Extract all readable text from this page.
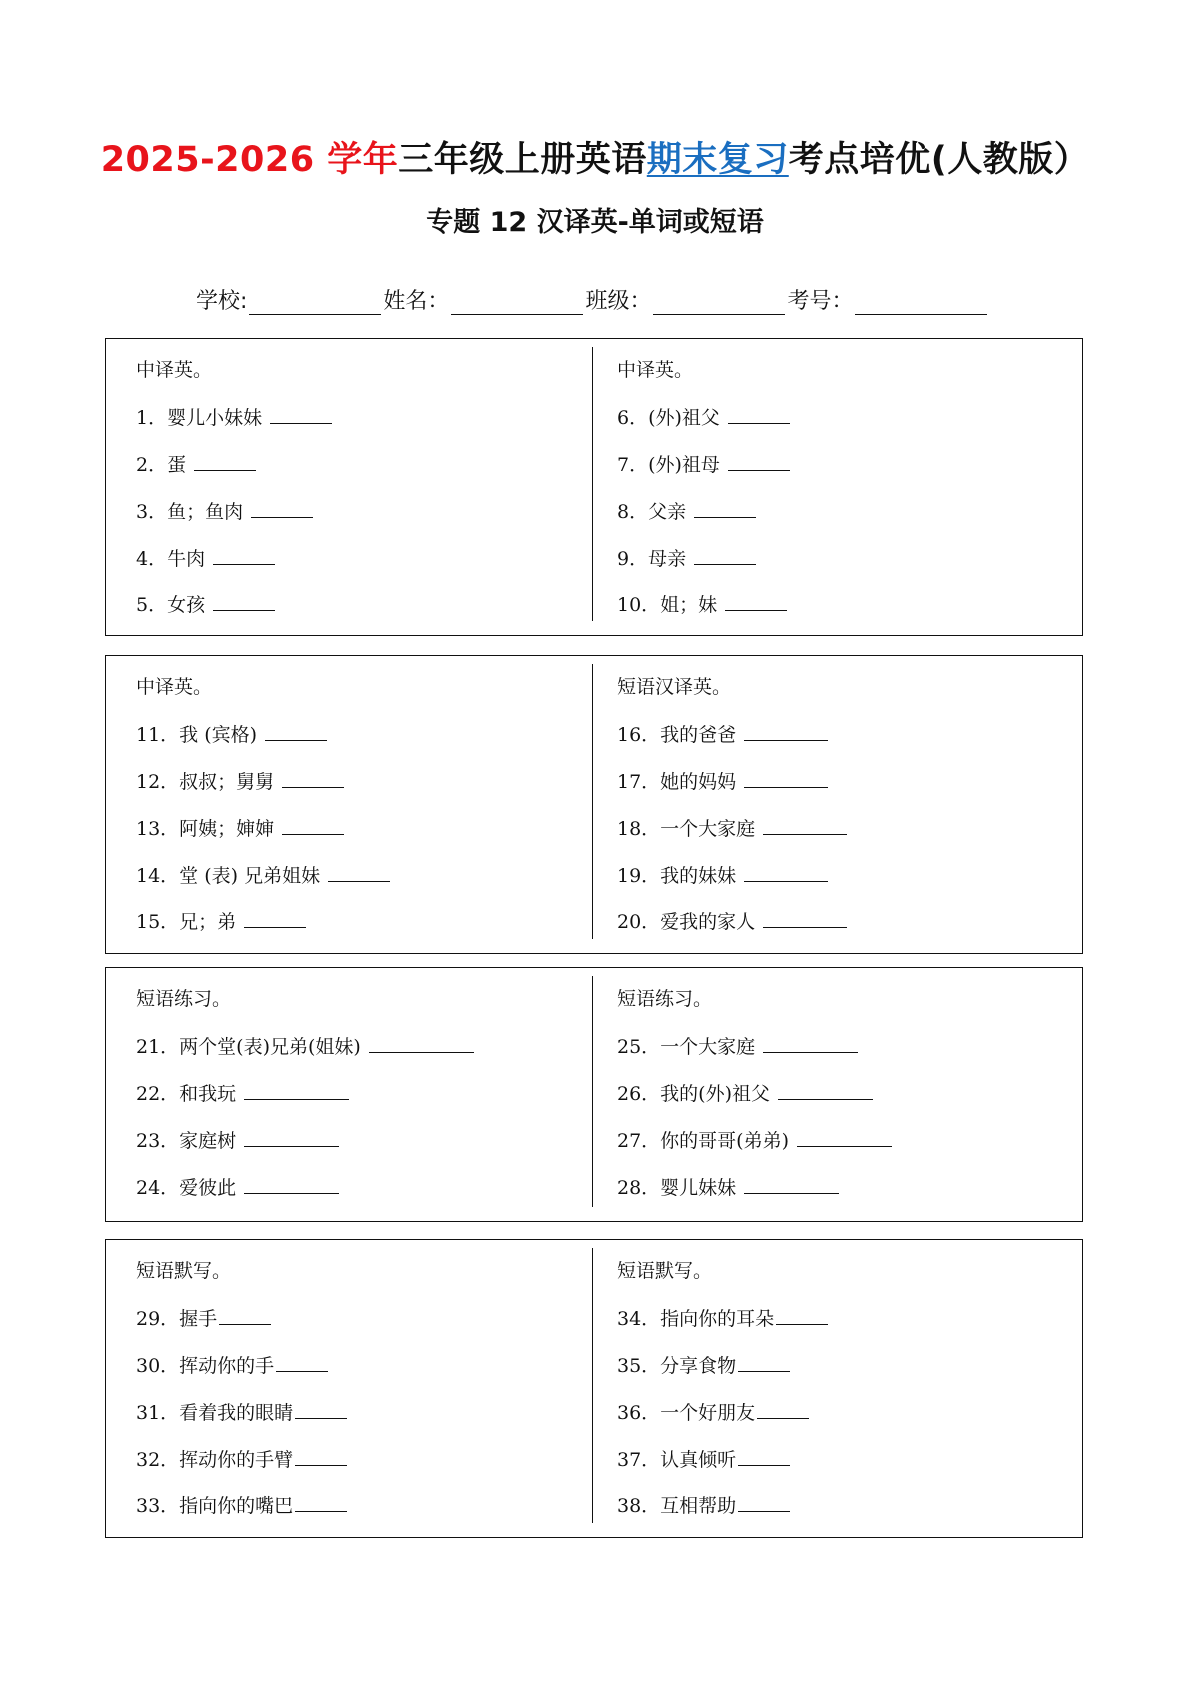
2025-2026 学年三年级上册英语期末复习考点培优(人教版）
专题 12 汉译英-单词或短语
学校:	姓名：	班级：	考号：
中译英。
1．婴儿小妹妹
2．蛋
3．鱼；鱼肉
4．牛肉
5．女孩
中译英。
6．(外)祖父
7．(外)祖母
8．父亲
9．母亲
10．姐；妹
中译英。
11．我 (宾格)
12．叔叔；舅舅
13．阿姨；婶婶
14．堂 (表) 兄弟姐妹
15．兄；弟
短语汉译英。
16．我的爸爸
17．她的妈妈
18．一个大家庭
19．我的妹妹
20．爱我的家人
短语练习。
21．两个堂(表)兄弟(姐妹)
22．和我玩
23．家庭树
24．爱彼此
短语练习。
25．一个大家庭
26．我的(外)祖父
27．你的哥哥(弟弟)
28．婴儿妹妹
短语默写。
29．握手
30．挥动你的手
31．看着我的眼睛
32．挥动你的手臂
33．指向你的嘴巴
短语默写。
34．指向你的耳朵
35．分享食物
36．一个好朋友
37．认真倾听
38．互相帮助
